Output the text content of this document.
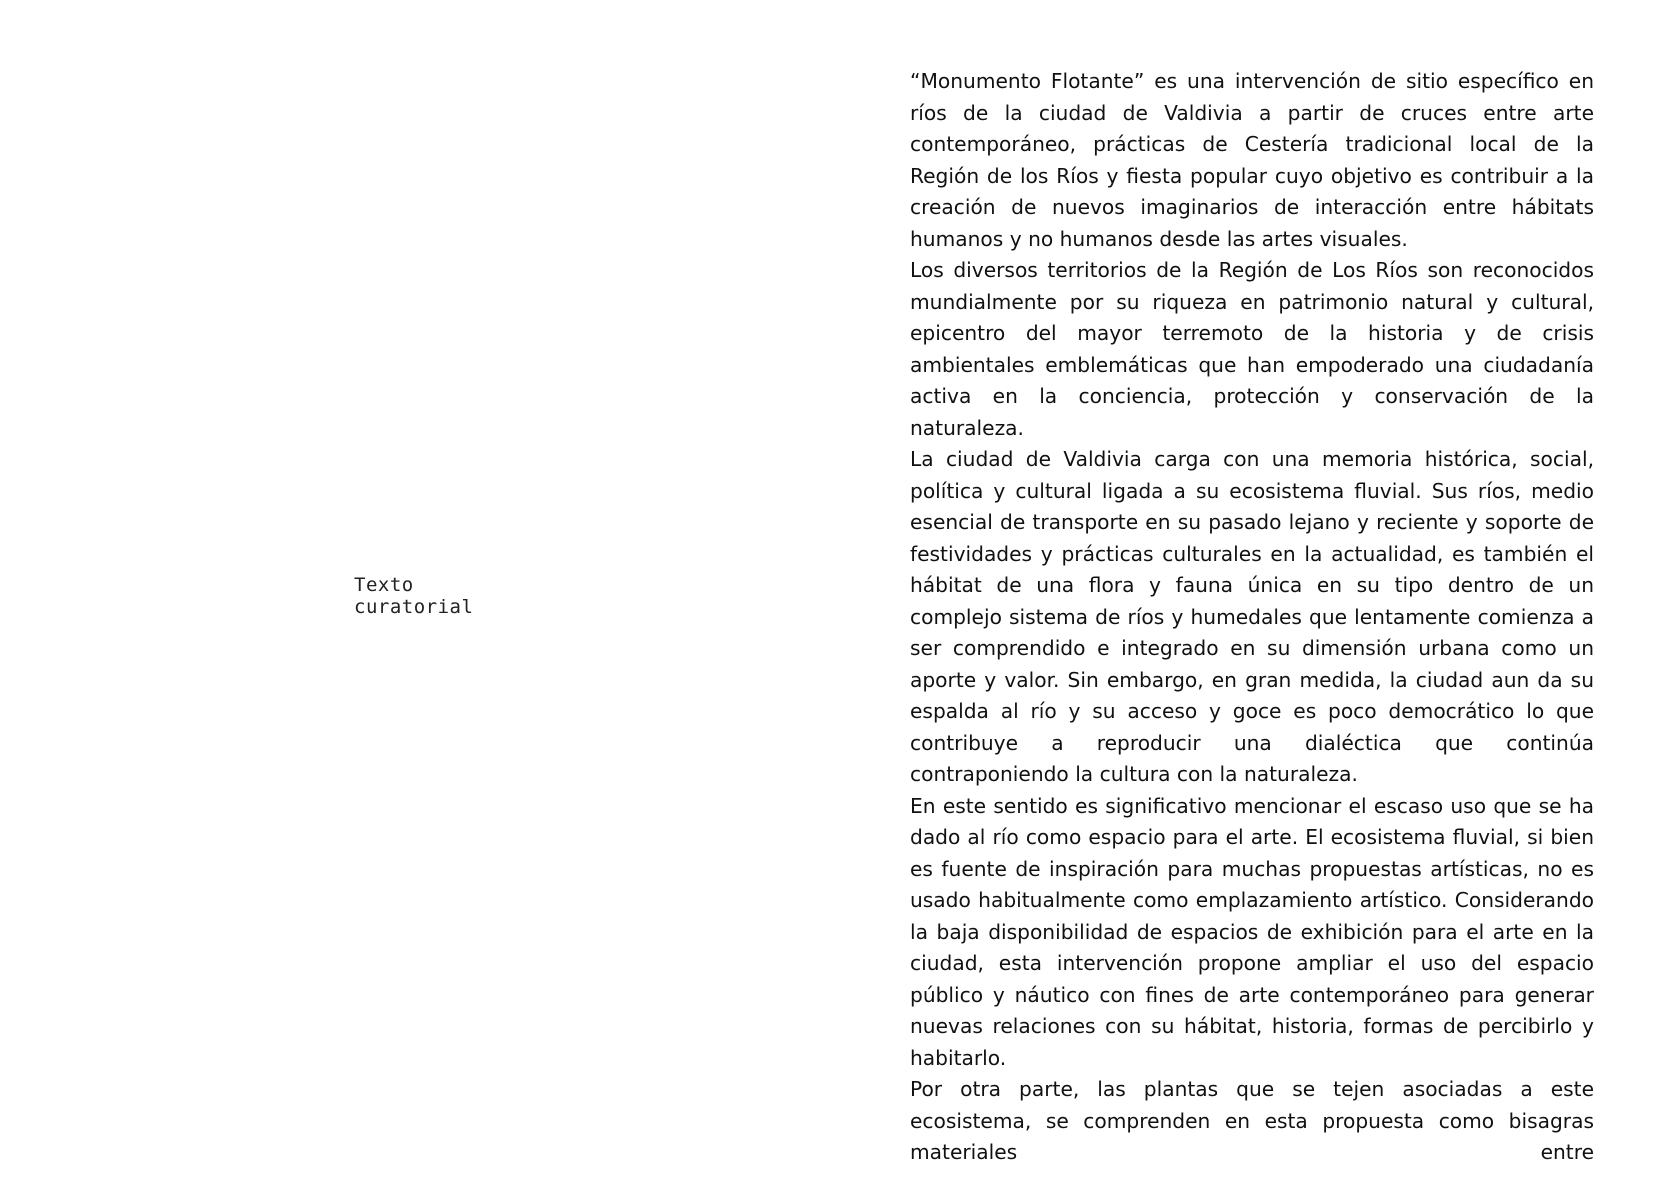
Texto
curatorial

“Monumento Flotante” es una intervención de sitio específico en ríos de la ciudad de Valdivia a partir de cruces entre arte contemporáneo, prácticas de Cestería tradicional local de la Región de los Ríos y fiesta popular cuyo objetivo es contribuir a la creación de nuevos imaginarios de interacción entre hábitats humanos y no humanos desde las artes visuales.

Los diversos territorios de la Región de Los Ríos son reconocidos mundialmente por su riqueza en patrimonio natural y cultural, epicentro del mayor terremoto de la historia y de crisis ambientales emblemáticas que han empoderado una ciudadanía activa en la conciencia, protección y conservación de la naturaleza.

La ciudad de Valdivia carga con una memoria histórica, social, política y cultural ligada a su ecosistema fluvial. Sus ríos, medio esencial de transporte en su pasado lejano y reciente y soporte de festividades y prácticas culturales en la actualidad, es también el hábitat de una flora y fauna única en su tipo dentro de un complejo sistema de ríos y humedales que lentamente comienza a ser comprendido e integrado en su dimensión urbana como un aporte y valor. Sin embargo, en gran medida, la ciudad aun da su espalda al río y su acceso y goce es poco democrático lo que contribuye a reproducir una dialéctica que continúa contraponiendo la cultura con la naturaleza.

En este sentido es significativo mencionar el escaso uso que se ha dado al río como espacio para el arte. El ecosistema fluvial, si bien es fuente de inspiración para muchas propuestas artísticas, no es usado habitualmente como emplazamiento artístico. Considerando la baja disponibilidad de espacios de exhibición para el arte en la ciudad, esta intervención propone ampliar el uso del espacio público y náutico con fines de arte contemporáneo para generar nuevas relaciones con su hábitat, historia, formas de percibirlo y habitarlo.

Por otra parte, las plantas que se tejen asociadas a este ecosistema, se comprenden en esta propuesta como bisagras materiales entre
